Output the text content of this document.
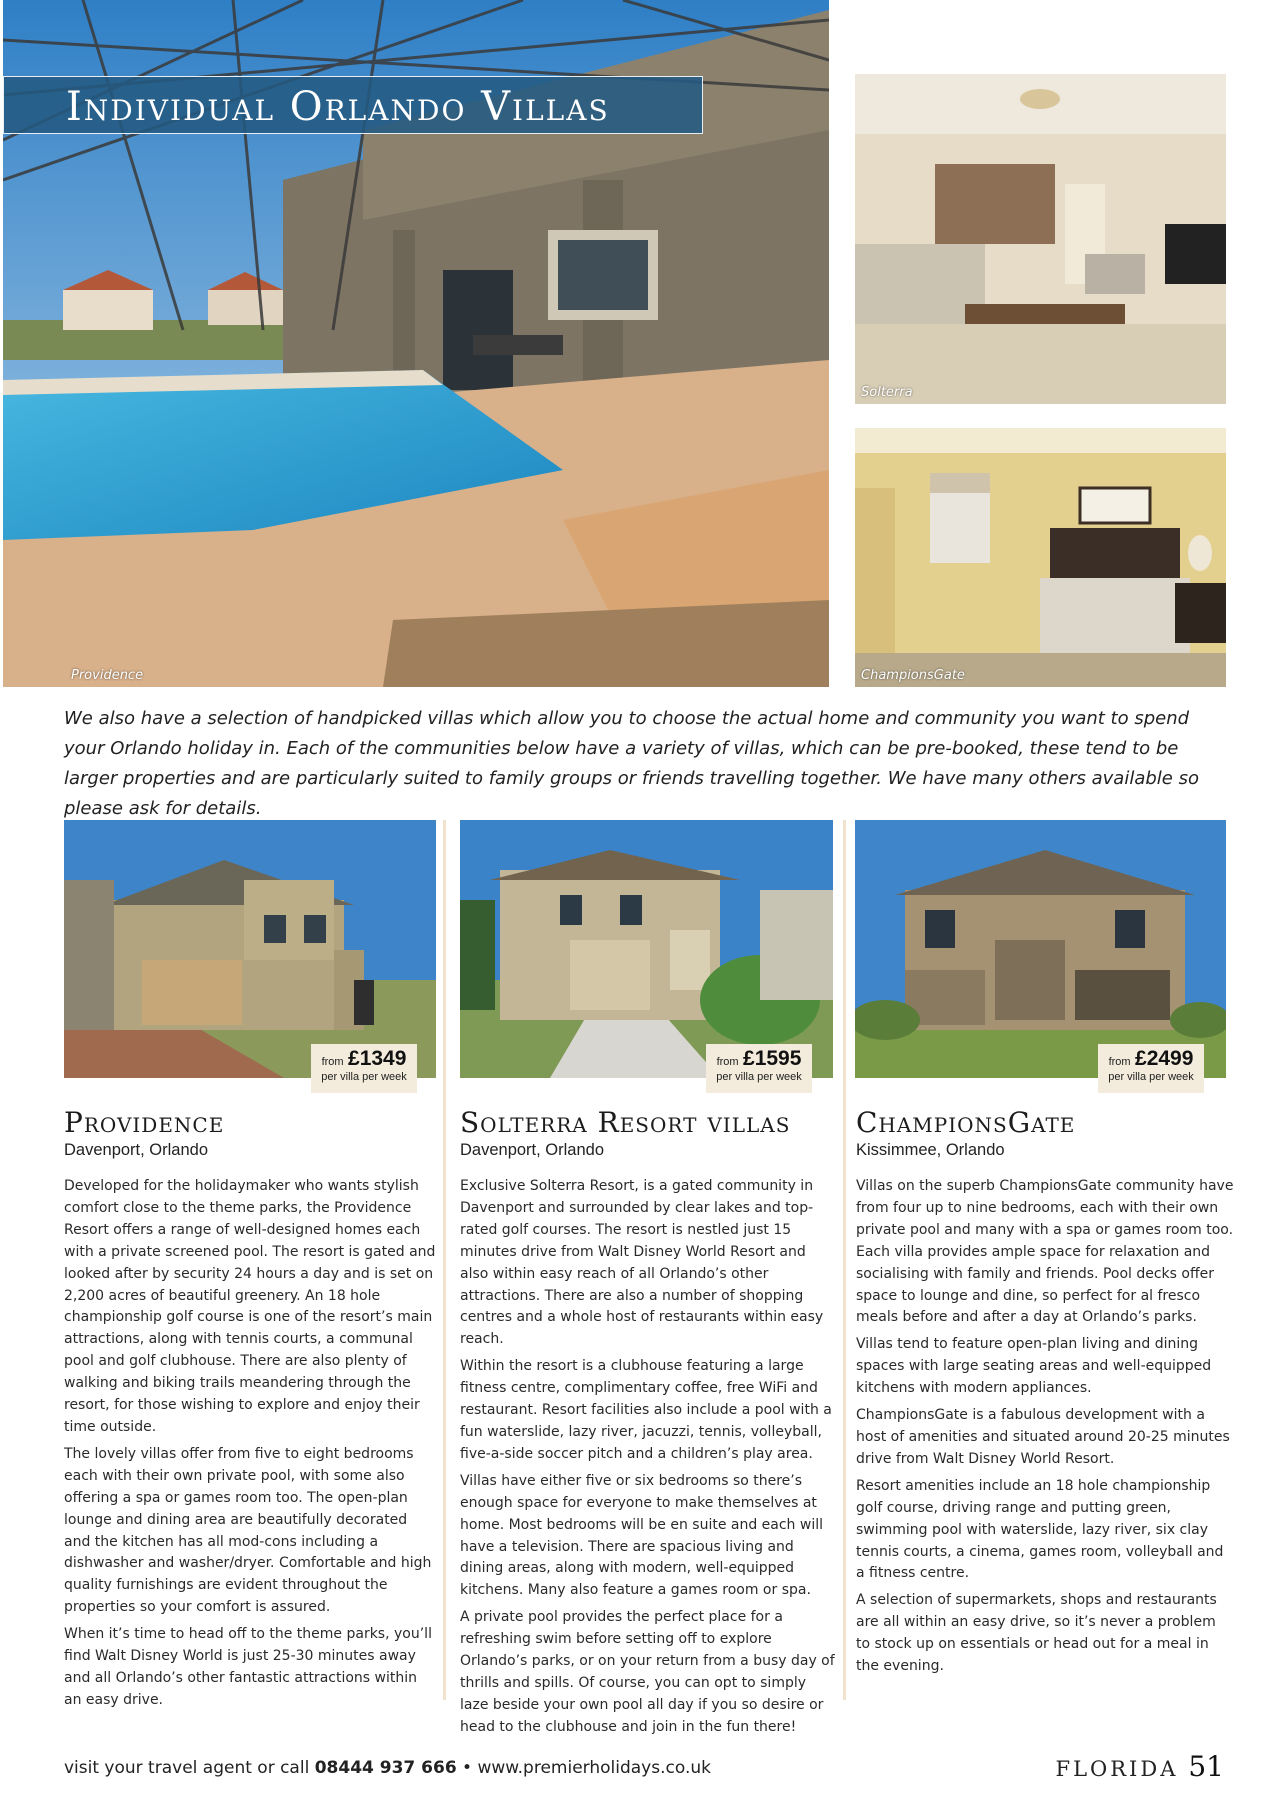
Individual Orlando Villas
Providence
Solterra
ChampionsGate
We also have a selection of handpicked villas which allow you to choose the actual home and community you want to spend your Orlando holiday in. Each of the communities below have a variety of villas, which can be pre-booked, these tend to be larger properties and are particularly suited to family groups or friends travelling together. We have many others available so please ask for details.
from £1349
per villa per week
from £1595
per villa per week
from £2499
per villa per week
Providence
Davenport, Orlando

Developed for the holidaymaker who wants stylish comfort close to the theme parks, the Providence Resort offers a range of well-designed homes each with a private screened pool. The resort is gated and looked after by security 24 hours a day and is set on 2,200 acres of beautiful greenery. An 18 hole championship golf course is one of the resort’s main attractions, along with tennis courts, a communal pool and golf clubhouse. There are also plenty of walking and biking trails meandering through the resort, for those wishing to explore and enjoy their time outside.

The lovely villas offer from five to eight bedrooms each with their own private pool, with some also offering a spa or games room too. The open-plan lounge and dining area are beautifully decorated and the kitchen has all mod-cons including a dishwasher and washer/dryer. Comfortable and high quality furnishings are evident throughout the properties so your comfort is assured.

When it’s time to head off to the theme parks, you’ll find Walt Disney World is just 25-30 minutes away and all Orlando’s other fantastic attractions within an easy drive.

Solterra Resort villas
Davenport, Orlando

Exclusive Solterra Resort, is a gated community in Davenport and surrounded by clear lakes and top-rated golf courses. The resort is nestled just 15 minutes drive from Walt Disney World Resort and also within easy reach of all Orlando’s other attractions. There are also a number of shopping centres and a whole host of restaurants within easy reach.

Within the resort is a clubhouse featuring a large fitness centre, complimentary coffee, free WiFi and restaurant. Resort facilities also include a pool with a fun waterslide, lazy river, jacuzzi, tennis, volleyball, five-a-side soccer pitch and a children’s play area.

Villas have either five or six bedrooms so there’s enough space for everyone to make themselves at home. Most bedrooms will be en suite and each will have a television. There are spacious living and dining areas, along with modern, well-equipped kitchens. Many also feature a games room or spa.

A private pool provides the perfect place for a refreshing swim before setting off to explore Orlando’s parks, or on your return from a busy day of thrills and spills. Of course, you can opt to simply laze beside your own pool all day if you so desire or head to the clubhouse and join in the fun there!

ChampionsGate
Kissimmee, Orlando

Villas on the superb ChampionsGate community have from four up to nine bedrooms, each with their own private pool and many with a spa or games room too. Each villa provides ample space for relaxation and socialising with family and friends. Pool decks offer space to lounge and dine, so perfect for al fresco meals before and after a day at Orlando’s parks.

Villas tend to feature open-plan living and dining spaces with large seating areas and well-equipped kitchens with modern appliances.

ChampionsGate is a fabulous development with a host of amenities and situated around 20-25 minutes drive from Walt Disney World Resort.

Resort amenities include an 18 hole championship golf course, driving range and putting green, swimming pool with waterslide, lazy river, six clay tennis courts, a cinema, games room, volleyball and a fitness centre.

A selection of supermarkets, shops and restaurants are all within an easy drive, so it’s never a problem to stock up on essentials or head out for a meal in the evening.

visit your travel agent or call 08444 937 666 • www.premierholidays.co.uk	FLORIDA 51
